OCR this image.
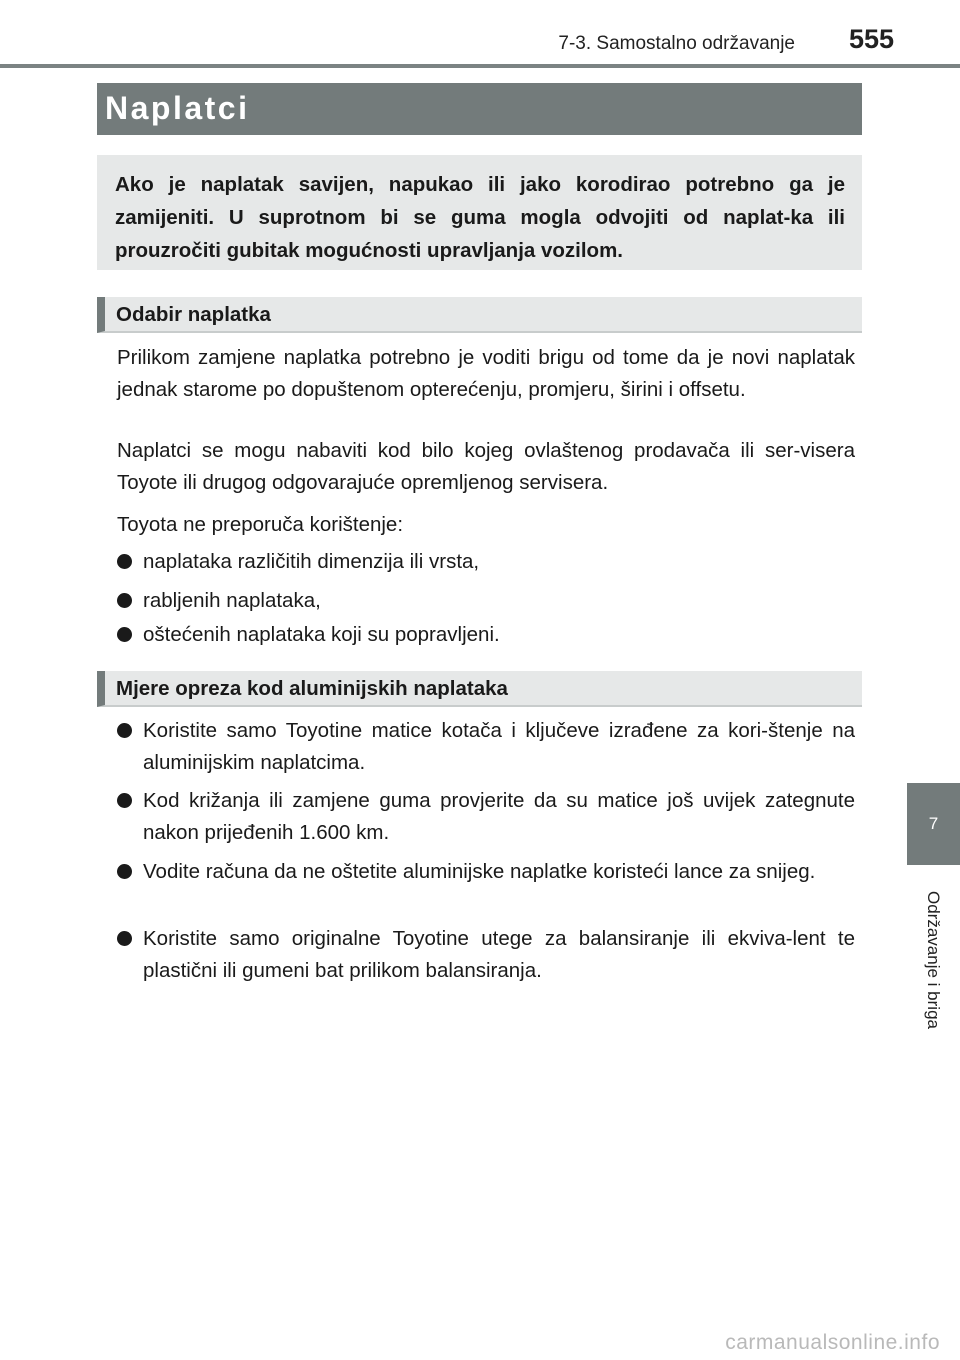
7-3. Samostalno održavanje 555
Naplatci
Ako je naplatak savijen, napukao ili jako korodirao potrebno ga je zamijeniti. U suprotnom bi se guma mogla odvojiti od naplat-ka ili prouzročiti gubitak mogućnosti upravljanja vozilom.
Odabir naplatka
Prilikom zamjene naplatka potrebno je voditi brigu od tome da je novi naplatak jednak starome po dopuštenom opterećenju, promjeru, širini i offsetu.
Naplatci se mogu nabaviti kod bilo kojeg ovlaštenog prodavača ili ser-visera Toyote ili drugog odgovarajuće opremljenog servisera.
Toyota ne preporuča korištenje:
naplataka različitih dimenzija ili vrsta,
rabljenih naplataka,
oštećenih naplataka koji su popravljeni.
Mjere opreza kod aluminijskih naplataka
Koristite samo Toyotine matice kotača i ključeve izrađene za kori-štenje na aluminijskim naplatcima.
Kod križanja ili zamjene guma provjerite da su matice još uvijek zategnute nakon prijeđenih 1.600 km.
Vodite računa da ne oštetite aluminijske naplatke koristeći lance za snijeg.
Koristite samo originalne Toyotine utege za balansiranje ili ekviva-lent te plastični ili gumeni bat prilikom balansiranja.
7
Održavanje i briga
carmanualsonline.info
